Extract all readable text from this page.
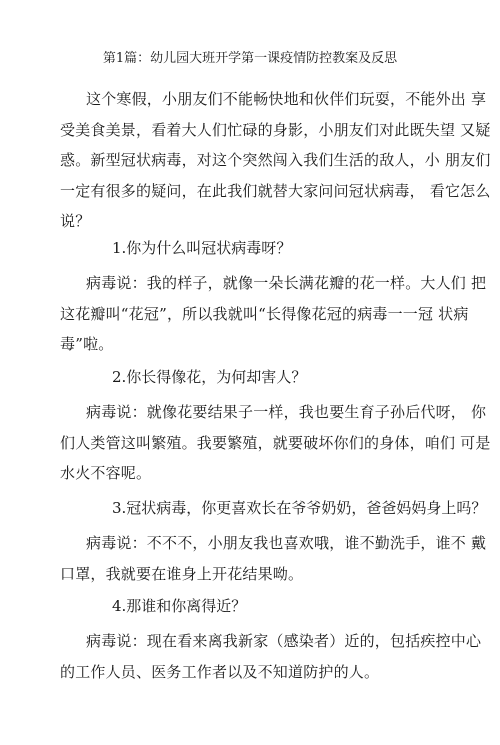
第1篇：幼儿园大班开学第一课疫情防控教案及反思
这个寒假，小朋友们不能畅快地和伙伴们玩耍，不能外出 享
受美食美景，看着大人们忙碌的身影，小朋友们对此既失望 又疑
惑。新型冠状病毒，对这个突然闯入我们生活的敌人，小 朋友们
一定有很多的疑问，在此我们就替大家问问冠状病毒， 看它怎么
说？
1.你为什么叫冠状病毒呀？
病毒说：我的样子，就像一朵长满花瓣的花一样。大人们 把
这花瓣叫“花冠”，所以我就叫“长得像花冠的病毒一一冠 状病
毒”啦。
2.你长得像花，为何却害人？
病毒说：就像花要结果子一样，我也要生育子孙后代呀， 你
们人类管这叫繁殖。我要繁殖，就要破坏你们的身体，咱们 可是
水火不容呢。
3.冠状病毒，你更喜欢长在爷爷奶奶，爸爸妈妈身上吗？
病毒说：不不不，小朋友我也喜欢哦，谁不勤洗手，谁不 戴
口罩，我就要在谁身上开花结果呦。
4.那谁和你离得近？
病毒说：现在看来离我新家（感染者）近的，包括疾控中心
的工作人员、医务工作者以及不知道防护的人。
